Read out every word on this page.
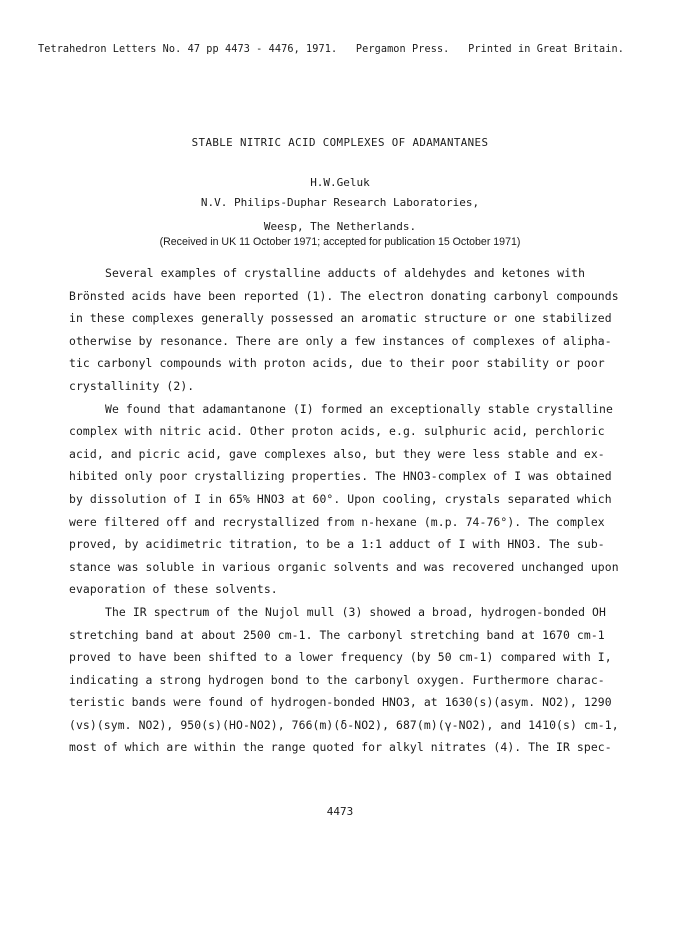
Tetrahedron Letters No. 47 pp 4473 - 4476, 1971. Pergamon Press. Printed in Great Britain.
STABLE NITRIC ACID COMPLEXES OF ADAMANTANES
H.W.Geluk
N.V. Philips-Duphar Research Laboratories,
Weesp, The Netherlands.
(Received in UK 11 October 1971; accepted for publication 15 October 1971)
Several examples of crystalline adducts of aldehydes and ketones with
Brönsted acids have been reported (1). The electron donating carbonyl compounds
in these complexes generally possessed an aromatic structure or one stabilized
otherwise by resonance. There are only a few instances of complexes of alipha-
tic carbonyl compounds with proton acids, due to their poor stability or poor
crystallinity (2).
We found that adamantanone (I) formed an exceptionally stable crystalline
complex with nitric acid. Other proton acids, e.g. sulphuric acid, perchloric
acid, and picric acid, gave complexes also, but they were less stable and ex-
hibited only poor crystallizing properties. The HNO3-complex of I was obtained
by dissolution of I in 65% HNO3 at 60°. Upon cooling, crystals separated which
were filtered off and recrystallized from n-hexane (m.p. 74-76°). The complex
proved, by acidimetric titration, to be a 1:1 adduct of I with HNO3. The sub-
stance was soluble in various organic solvents and was recovered unchanged upon
evaporation of these solvents.
The IR spectrum of the Nujol mull (3) showed a broad, hydrogen-bonded OH
stretching band at about 2500 cm-1. The carbonyl stretching band at 1670 cm-1
proved to have been shifted to a lower frequency (by 50 cm-1) compared with I,
indicating a strong hydrogen bond to the carbonyl oxygen. Furthermore charac-
teristic bands were found of hydrogen-bonded HNO3, at 1630(s)(asym. NO2), 1290
(vs)(sym. NO2), 950(s)(HO-NO2), 766(m)(δ-NO2), 687(m)(γ-NO2), and 1410(s) cm-1,
most of which are within the range quoted for alkyl nitrates (4). The IR spec-
4473
